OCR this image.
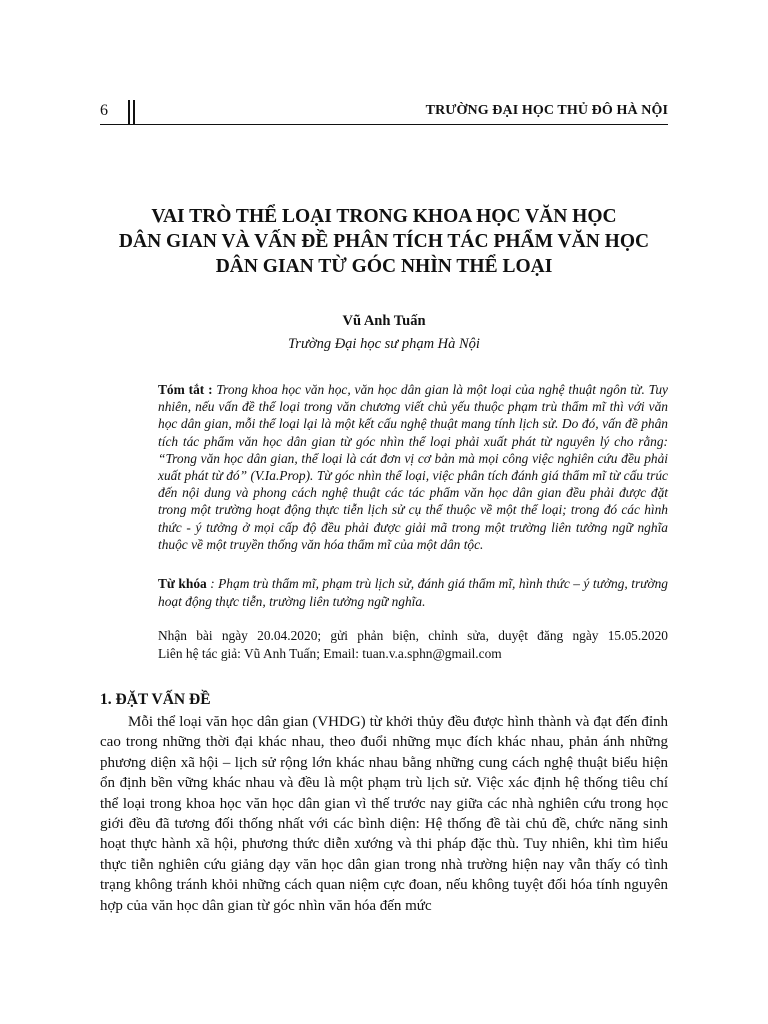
6	TRƯỜNG ĐẠI HỌC THỦ ĐÔ HÀ NỘI
VAI TRÒ THỂ LOẠI TRONG KHOA HỌC VĂN HỌC
DÂN GIAN VÀ VẤN ĐỀ PHÂN TÍCH TÁC PHẨM VĂN HỌC
DÂN GIAN TỪ GÓC NHÌN THỂ LOẠI
Vũ Anh Tuấn
Trường Đại học sư phạm Hà Nội

Tóm tắt : Trong khoa học văn học, văn học dân gian là một loại của nghệ thuật ngôn từ. Tuy nhiên, nếu vấn đề thể loại trong văn chương viết chủ yếu thuộc phạm trù thẩm mĩ thì với văn học dân gian, mỗi thể loại lại là một kết cấu nghệ thuật mang tính lịch sử. Do đó, vấn đề phân tích tác phẩm văn học dân gian từ góc nhìn thể loại phải xuất phát từ nguyên lý cho rằng: “Trong văn học dân gian, thể loại là cát đơn vị cơ bản mà mọi công việc nghiên cứu đều phải xuất phát từ đó” (V.Ia.Prop). Từ góc nhìn thể loại, việc phân tích đánh giá thẩm mĩ từ cấu trúc đến nội dung và phong cách nghệ thuật các tác phẩm văn học dân gian đều phải được đặt trong một trường hoạt động thực tiễn lịch sử cụ thể thuộc về một thể loại; trong đó các hình thức - ý tưởng ở mọi cấp độ đều phải được giải mã trong một trường liên tưởng ngữ nghĩa thuộc về một truyền thống văn hóa thẩm mĩ của một dân tộc.

Từ khóa : Phạm trù thẩm mĩ, phạm trù lịch sử, đánh giá thẩm mĩ, hình thức – ý tưởng, trường hoạt động thực tiễn, trường liên tưởng ngữ nghĩa.

Nhận bài ngày 20.04.2020; gửi phản biện, chỉnh sửa, duyệt đăng ngày 15.05.2020
Liên hệ tác giả: Vũ Anh Tuấn; Email: tuan.v.a.sphn@gmail.com
1. ĐẶT VẤN ĐỀ

Mỗi thể loại văn học dân gian (VHDG) từ khởi thủy đều được hình thành và đạt đến đỉnh cao trong những thời đại khác nhau, theo đuổi những mục đích khác nhau, phản ánh những phương diện xã hội – lịch sử rộng lớn khác nhau bằng những cung cách nghệ thuật biểu hiện ổn định bền vững khác nhau và đều là một phạm trù lịch sử. Việc xác định hệ thống tiêu chí thể loại trong khoa học văn học dân gian vì thế trước nay giữa các nhà nghiên cứu trong học giới đều đã tương đối thống nhất với các bình diện: Hệ thống đề tài chủ đề, chức năng sinh hoạt thực hành xã hội, phương thức diễn xướng và thi pháp đặc thù. Tuy nhiên, khi tìm hiểu thực tiễn nghiên cứu giảng dạy văn học dân gian trong nhà trường hiện nay vẫn thấy có tình trạng không tránh khỏi những cách quan niệm cực đoan, nếu không tuyệt đối hóa tính nguyên hợp của văn học dân gian từ góc nhìn văn hóa đến mức
